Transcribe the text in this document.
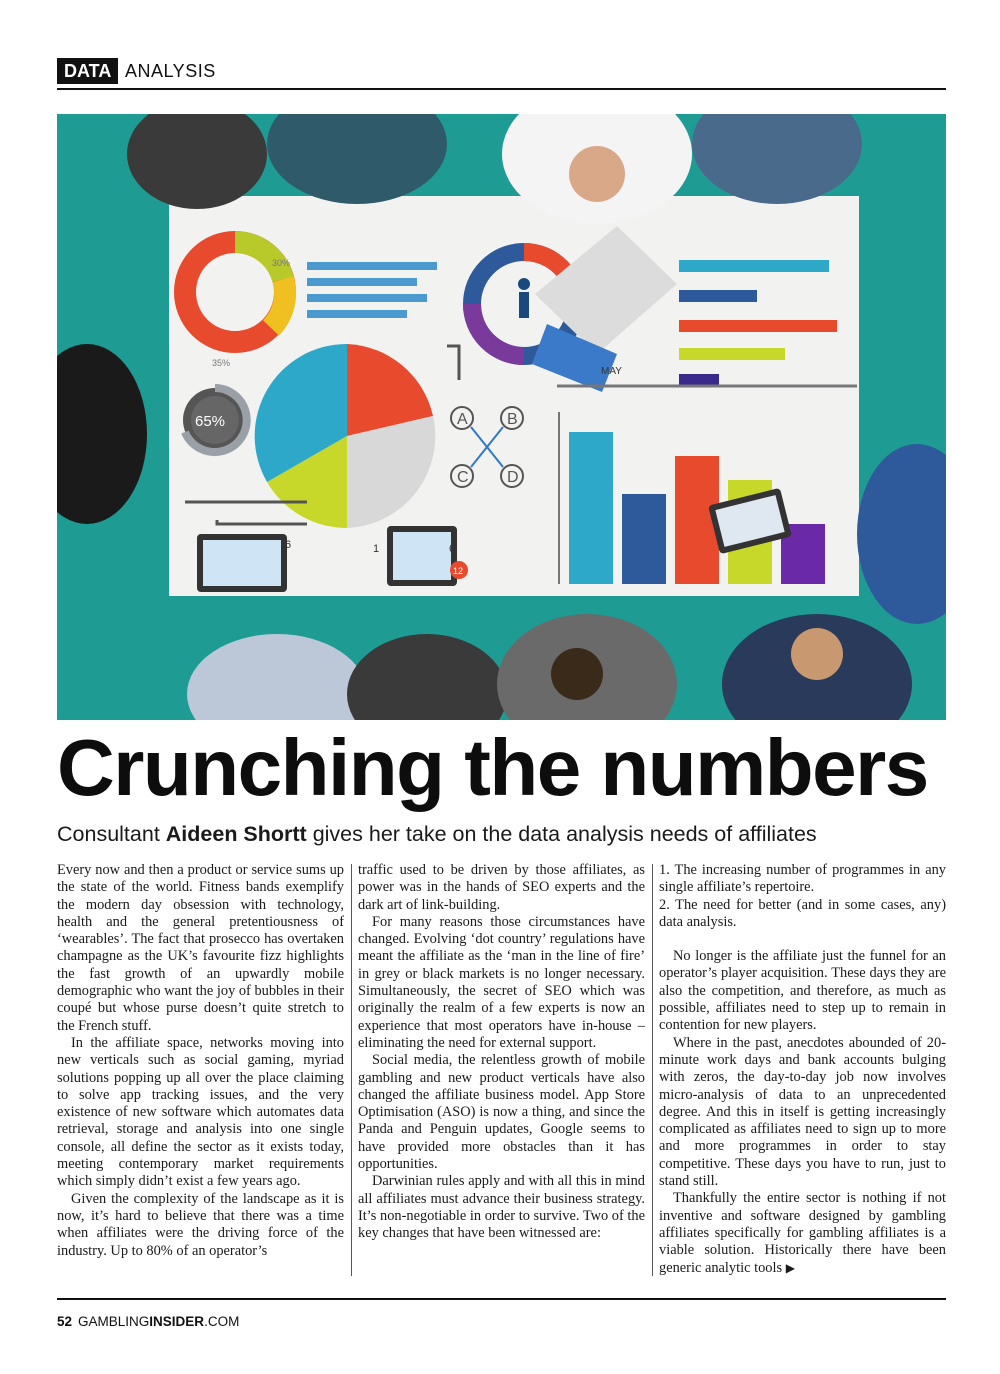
DATA ANALYSIS
30%
35%
65%	A B
C D
MAY
6	1	6
12
Crunching the numbers
Consultant Aideen Shortt gives her take on the data analysis needs of affiliates

Every now and then a product or service sums up the state of the world. Fitness bands exemplify the modern day obsession with technology, health and the general pretentiousness of ‘wearables’. The fact that prosecco has overtaken champagne as the UK’s favourite fizz highlights the fast growth of an upwardly mobile demographic who want the joy of bubbles in their coupé but whose purse doesn’t quite stretch to the French stuff.

In the affiliate space, networks moving into new verticals such as social gaming, myriad solutions popping up all over the place claiming to solve app tracking issues, and the very existence of new software which automates data retrieval, storage and analysis into one single console, all define the sector as it exists today, meeting contemporary market requirements which simply didn’t exist a few years ago.

Given the complexity of the landscape as it is now, it’s hard to believe that there was a time when affiliates were the driving force of the industry. Up to 80% of an operator’s

traffic used to be driven by those affiliates, as power was in the hands of SEO experts and the dark art of link-building.

For many reasons those circumstances have changed. Evolving ‘dot country’ regulations have meant the affiliate as the ‘man in the line of fire’ in grey or black markets is no longer necessary. Simultaneously, the secret of SEO which was originally the realm of a few experts is now an experience that most operators have in-house – eliminating the need for external support.

Social media, the relentless growth of mobile gambling and new product verticals have also changed the affiliate business model. App Store Optimisation (ASO) is now a thing, and since the Panda and Penguin updates, Google seems to have provided more obstacles than it has opportunities.

Darwinian rules apply and with all this in mind all affiliates must advance their business strategy. It’s non-negotiable in order to survive. Two of the key changes that have been witnessed are:

1. The increasing number of programmes in any single affiliate’s repertoire.

2. The need for better (and in some cases, any) data analysis.

No longer is the affiliate just the funnel for an operator’s player acquisition. These days they are also the competition, and therefore, as much as possible, affiliates need to step up to remain in contention for new players.

Where in the past, anecdotes abounded of 20-minute work days and bank accounts bulging with zeros, the day-to-day job now involves micro-analysis of data to an unprecedented degree. And this in itself is getting increasingly complicated as affiliates need to sign up to more and more programmes in order to stay competitive. These days you have to run, just to stand still.

Thankfully the entire sector is nothing if not inventive and software designed by gambling affiliates specifically for gambling affiliates is a viable solution. Historically there have been generic analytic tools ▶

52 GAMBLINGINSIDER.COM
